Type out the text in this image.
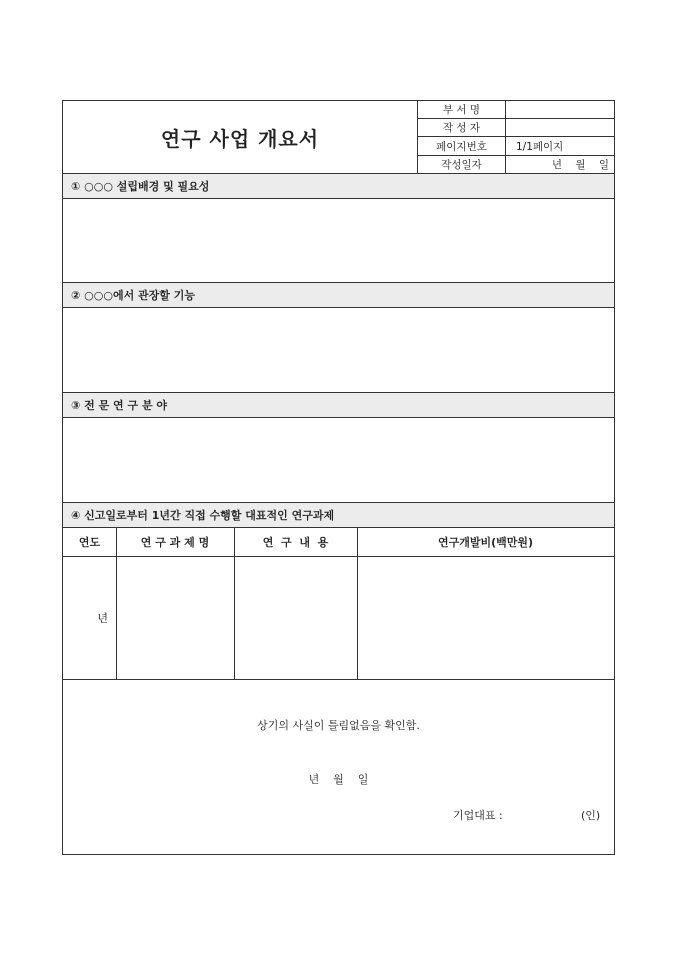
연구 사업 개요서
부 서 명	
작 성 자	
페이지번호	1/1페이지
작성일자	년    월    일
① ○○○ 설립배경 및 필요성
② ○○○에서 관장할 기능
③ 전 문 연 구 분 야
④ 신고일로부터 1년간 직접 수행할 대표적인 연구과제
연도	연 구 과 제 명	연  구  내  용	연구개발비(백만원)
년
상기의 사실이 틀림없음을 확인함.
년    월    일
기업대표 :	(인)
